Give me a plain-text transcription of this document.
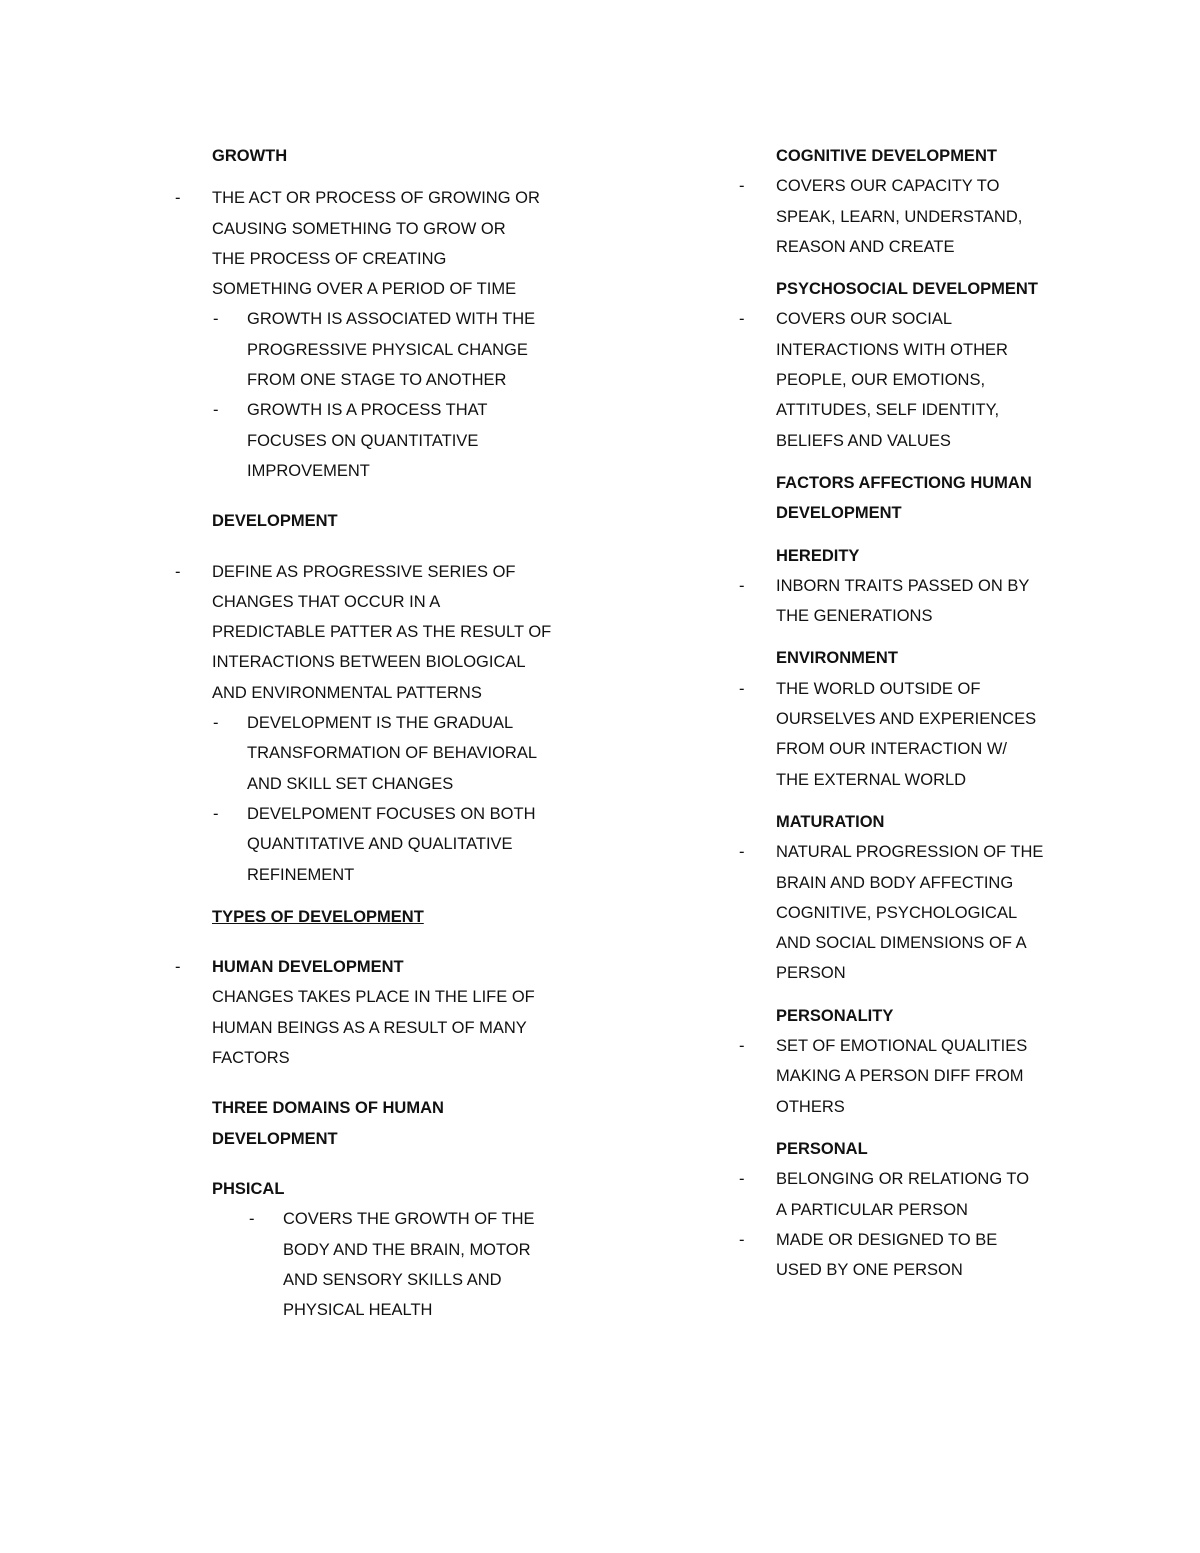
GROWTH
- THE ACT OR PROCESS OF GROWING OR
CAUSING SOMETHING TO GROW OR
THE PROCESS OF CREATING
SOMETHING OVER A PERIOD OF TIME
- GROWTH IS ASSOCIATED WITH THE
PROGRESSIVE PHYSICAL CHANGE
FROM ONE STAGE TO ANOTHER
- GROWTH IS A PROCESS THAT
FOCUSES ON QUANTITATIVE
IMPROVEMENT
DEVELOPMENT
- DEFINE AS PROGRESSIVE SERIES OF
CHANGES THAT OCCUR IN A
PREDICTABLE PATTER AS THE RESULT OF
INTERACTIONS BETWEEN BIOLOGICAL
AND ENVIRONMENTAL PATTERNS
- DEVELOPMENT IS THE GRADUAL
TRANSFORMATION OF BEHAVIORAL
AND SKILL SET CHANGES
- DEVELPOMENT FOCUSES ON BOTH
QUANTITATIVE AND QUALITATIVE
REFINEMENT
TYPES OF DEVELOPMENT
- HUMAN DEVELOPMENT
CHANGES TAKES PLACE IN THE LIFE OF
HUMAN BEINGS AS A RESULT OF MANY
FACTORS
THREE DOMAINS OF HUMAN
DEVELOPMENT
PHSICAL
- COVERS THE GROWTH OF THE
BODY AND THE BRAIN, MOTOR
AND SENSORY SKILLS AND
PHYSICAL HEALTH
COGNITIVE DEVELOPMENT
- COVERS OUR CAPACITY TO
SPEAK, LEARN, UNDERSTAND,
REASON AND CREATE
PSYCHOSOCIAL DEVELOPMENT
- COVERS OUR SOCIAL
INTERACTIONS WITH OTHER
PEOPLE, OUR EMOTIONS,
ATTITUDES, SELF IDENTITY,
BELIEFS AND VALUES
FACTORS AFFECTIONG HUMAN
DEVELOPMENT
HEREDITY
- INBORN TRAITS PASSED ON BY
THE GENERATIONS
ENVIRONMENT
- THE WORLD OUTSIDE OF
OURSELVES AND EXPERIENCES
FROM OUR INTERACTION W/
THE EXTERNAL WORLD
MATURATION
- NATURAL PROGRESSION OF THE
BRAIN AND BODY AFFECTING
COGNITIVE, PSYCHOLOGICAL
AND SOCIAL DIMENSIONS OF A
PERSON
PERSONALITY
- SET OF EMOTIONAL QUALITIES
MAKING A PERSON DIFF FROM
OTHERS
PERSONAL
- BELONGING OR RELATIONG TO
A PARTICULAR PERSON
- MADE OR DESIGNED TO BE
USED BY ONE PERSON
